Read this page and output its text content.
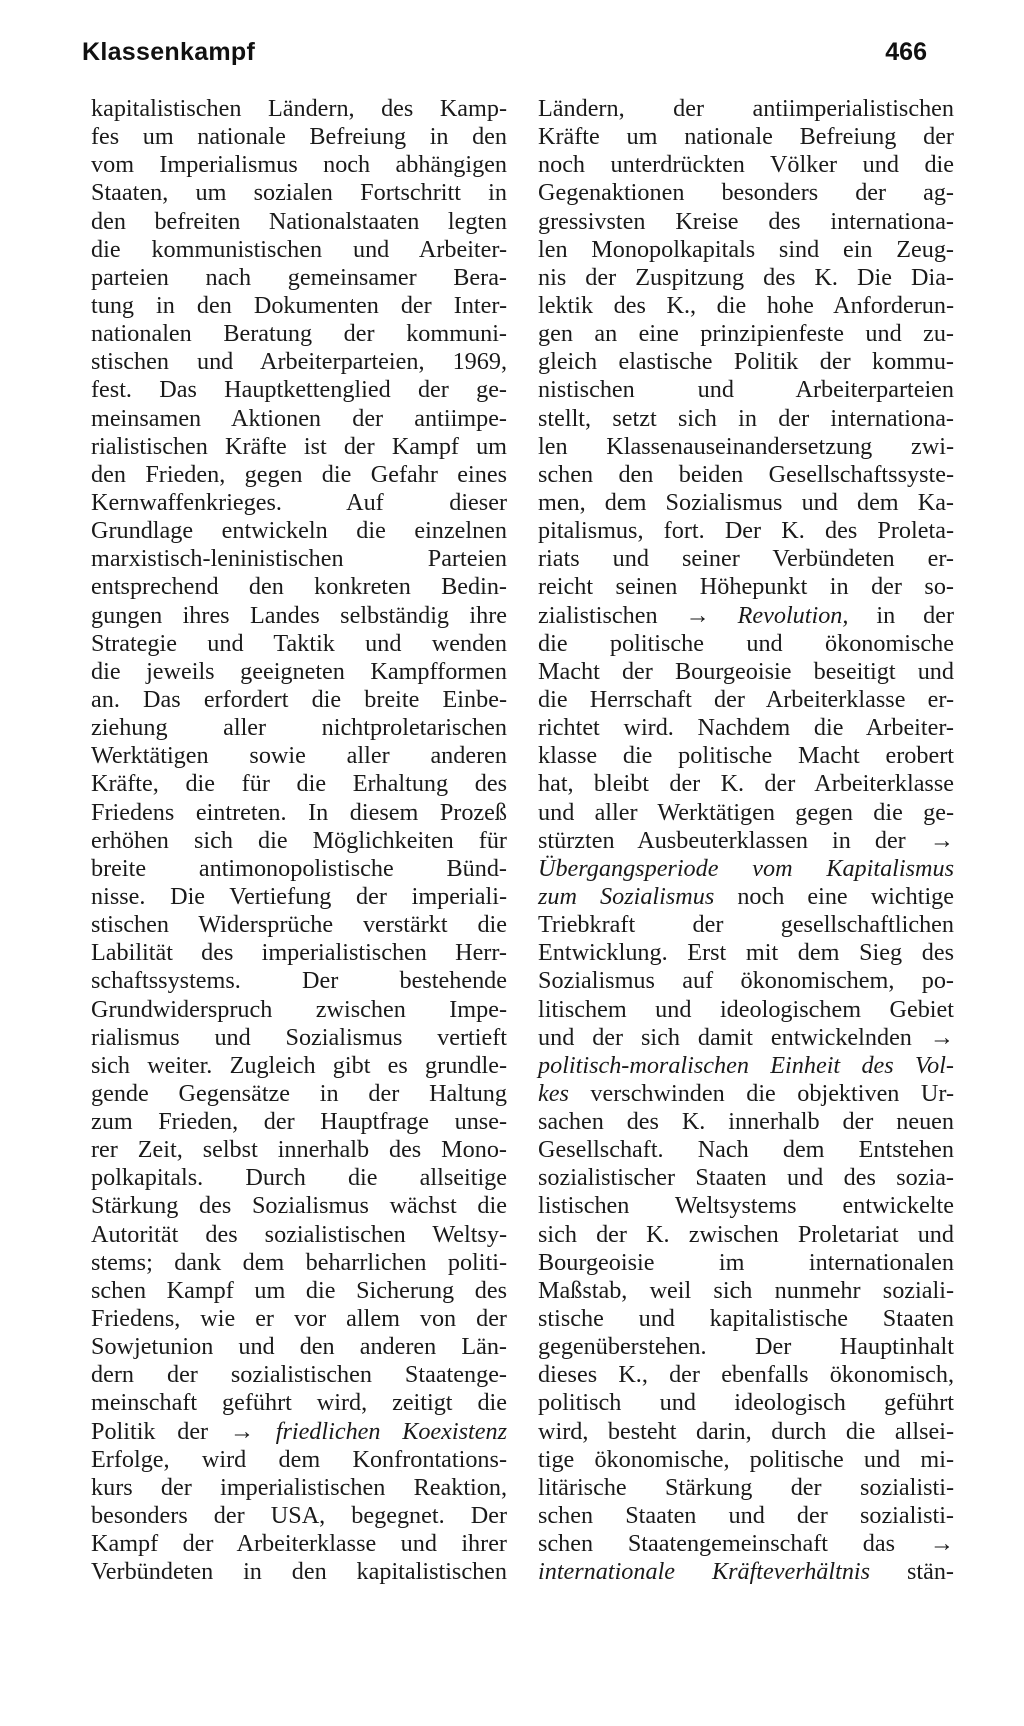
Klassenkampf	466
kapitalistischen Ländern, des Kamp-
fes um nationale Befreiung in den
vom Imperialismus noch abhängigen
Staaten, um sozialen Fortschritt in
den befreiten Nationalstaaten legten
die kommunistischen und Arbeiter-
parteien nach gemeinsamer Bera-
tung in den Dokumenten der Inter-
nationalen Beratung der kommuni-
stischen und Arbeiterparteien, 1969,
fest. Das Hauptkettenglied der ge-
meinsamen Aktionen der antiimpe-
rialistischen Kräfte ist der Kampf um
den Frieden, gegen die Gefahr eines
Kernwaffenkrieges. Auf dieser
Grundlage entwickeln die einzelnen
marxistisch-leninistischen Parteien
entsprechend den konkreten Bedin-
gungen ihres Landes selbständig ihre
Strategie und Taktik und wenden
die jeweils geeigneten Kampfformen
an. Das erfordert die breite Einbe-
ziehung aller nichtproletarischen
Werktätigen sowie aller anderen
Kräfte, die für die Erhaltung des
Friedens eintreten. In diesem Prozeß
erhöhen sich die Möglichkeiten für
breite antimonopolistische Bünd-
nisse. Die Vertiefung der imperiali-
stischen Widersprüche verstärkt die
Labilität des imperialistischen Herr-
schaftssystems. Der bestehende
Grundwiderspruch zwischen Impe-
rialismus und Sozialismus vertieft
sich weiter. Zugleich gibt es grundle-
gende Gegensätze in der Haltung
zum Frieden, der Hauptfrage unse-
rer Zeit, selbst innerhalb des Mono-
polkapitals. Durch die allseitige
Stärkung des Sozialismus wächst die
Autorität des sozialistischen Weltsy-
stems; dank dem beharrlichen politi-
schen Kampf um die Sicherung des
Friedens, wie er vor allem von der
Sowjetunion und den anderen Län-
dern der sozialistischen Staatenge-
meinschaft geführt wird, zeitigt die
Politik der → friedlichen Koexistenz
Erfolge, wird dem Konfrontations-
kurs der imperialistischen Reaktion,
besonders der USA, begegnet. Der
Kampf der Arbeiterklasse und ihrer
Verbündeten in den kapitalistischen
Ländern, der antiimperialistischen
Kräfte um nationale Befreiung der
noch unterdrückten Völker und die
Gegenaktionen besonders der ag-
gressivsten Kreise des internationa-
len Monopolkapitals sind ein Zeug-
nis der Zuspitzung des K. Die Dia-
lektik des K., die hohe Anforderun-
gen an eine prinzipienfeste und zu-
gleich elastische Politik der kommu-
nistischen und Arbeiterparteien
stellt, setzt sich in der internationa-
len Klassenauseinandersetzung zwi-
schen den beiden Gesellschaftssyste-
men, dem Sozialismus und dem Ka-
pitalismus, fort. Der K. des Proleta-
riats und seiner Verbündeten er-
reicht seinen Höhepunkt in der so-
zialistischen → Revolution, in der
die politische und ökonomische
Macht der Bourgeoisie beseitigt und
die Herrschaft der Arbeiterklasse er-
richtet wird. Nachdem die Arbeiter-
klasse die politische Macht erobert
hat, bleibt der K. der Arbeiterklasse
und aller Werktätigen gegen die ge-
stürzten Ausbeuterklassen in der →
Übergangsperiode vom Kapitalismus
zum Sozialismus noch eine wichtige
Triebkraft der gesellschaftlichen
Entwicklung. Erst mit dem Sieg des
Sozialismus auf ökonomischem, po-
litischem und ideologischem Gebiet
und der sich damit entwickelnden →
politisch-moralischen Einheit des Vol-
kes verschwinden die objektiven Ur-
sachen des K. innerhalb der neuen
Gesellschaft. Nach dem Entstehen
sozialistischer Staaten und des sozia-
listischen Weltsystems entwickelte
sich der K. zwischen Proletariat und
Bourgeoisie im internationalen
Maßstab, weil sich nunmehr soziali-
stische und kapitalistische Staaten
gegenüberstehen. Der Hauptinhalt
dieses K., der ebenfalls ökonomisch,
politisch und ideologisch geführt
wird, besteht darin, durch die allsei-
tige ökonomische, politische und mi-
litärische Stärkung der sozialisti-
schen Staaten und der sozialisti-
schen Staatengemeinschaft das →
internationale Kräfteverhältnis stän-
